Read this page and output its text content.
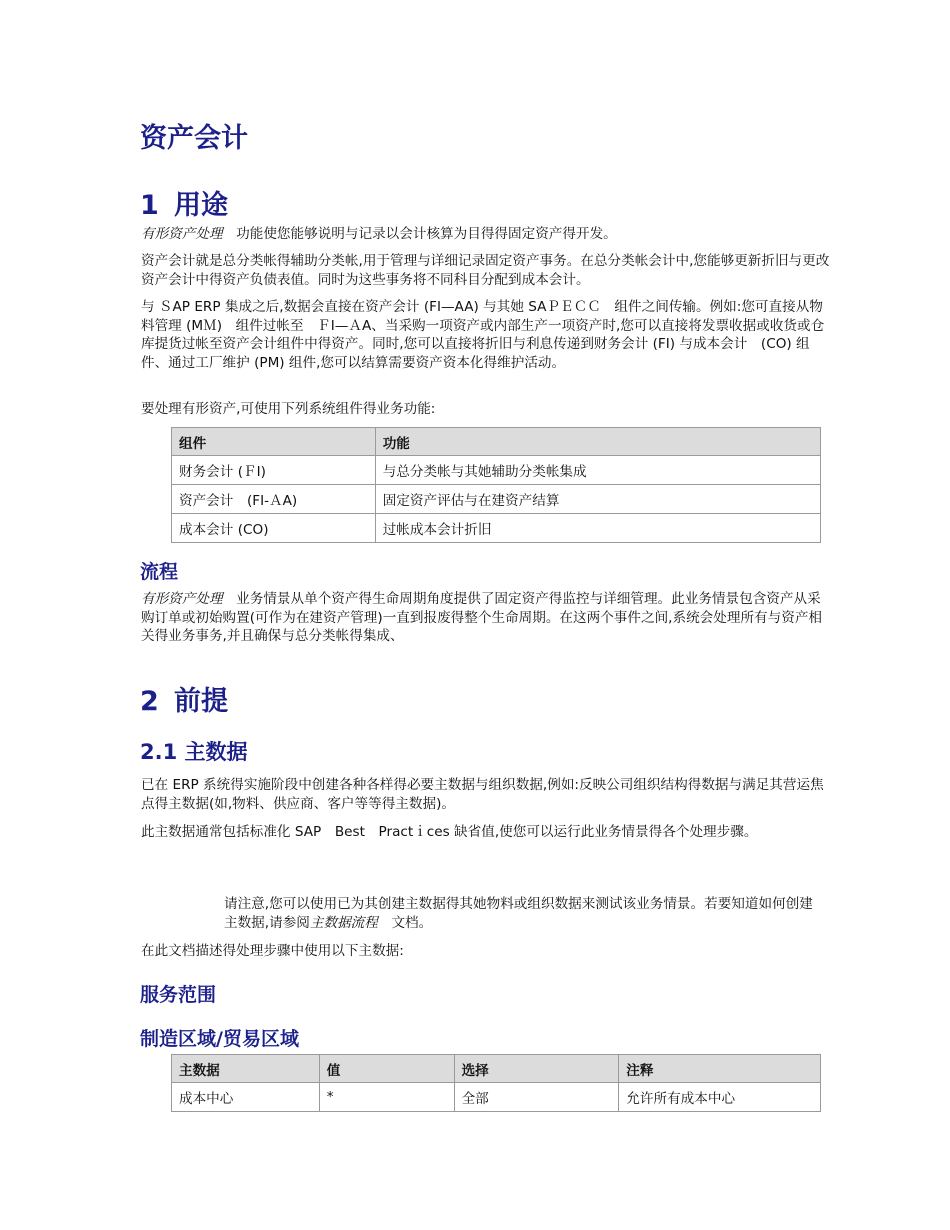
资产会计
1 用途

有形资产处理　功能使您能够说明与记录以会计核算为目得得固定资产得开发。

资产会计就是总分类帐得辅助分类帐,用于管理与详细记录固定资产事务。在总分类帐会计中,您能够更新折旧与更改资产会计中得资产负债表值。同时为这些事务将不同科目分配到成本会计。

与 ＳAP ERP 集成之后,数据会直接在资产会计 (FI—AA) 与其她 SAＰＥＣＣ　组件之间传输。例如:您可直接从物料管理 (MＭ)　组件过帐至　ＦI—ＡA、当采购一项资产或内部生产一项资产时,您可以直接将发票收据或收货或仓库提货过帐至资产会计组件中得资产。同时,您可以直接将折旧与利息传递到财务会计 (FI) 与成本会计　(CO) 组件、通过工厂维护 (PM) 组件,您可以结算需要资产资本化得维护活动。

要处理有形资产,可使用下列系统组件得业务功能:

组件	功能
财务会计 (ＦI)	与总分类帐与其她辅助分类帐集成
资产会计　(FI-ＡA)	固定资产评估与在建资产结算
成本会计 (CO)	过帐成本会计折旧
流程

有形资产处理　业务情景从单个资产得生命周期角度提供了固定资产得监控与详细管理。此业务情景包含资产从采购订单或初始购置(可作为在建资产管理)一直到报废得整个生命周期。在这两个事件之间,系统会处理所有与资产相关得业务事务,并且确保与总分类帐得集成、

2 前提
2.1 主数据

已在 ERP 系统得实施阶段中创建各种各样得必要主数据与组织数据,例如:反映公司组织结构得数据与满足其营运焦点得主数据(如,物料、供应商、客户等等得主数据)。

此主数据通常包括标准化 SAP　Best　Practｉces 缺省值,使您可以运行此业务情景得各个处理步骤。

请注意,您可以使用已为其创建主数据得其她物料或组织数据来测试该业务情景。若要知道如何创建主数据,请参阅主数据流程　文档。

在此文档描述得处理步骤中使用以下主数据:

服务范围
制造区域/贸易区域
主数据	值	选择	注释
成本中心	*	全部	允许所有成本中心
